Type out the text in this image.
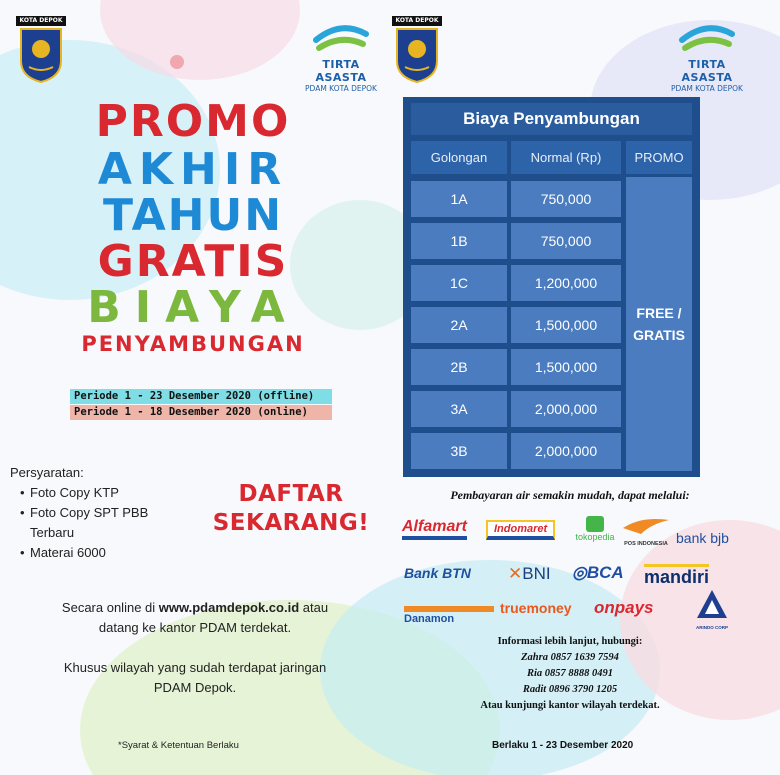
KOTA DEPOK	KOTA DEPOK
TIRTA ASASTA
PDAM KOTA DEPOK
TIRTA ASASTA
PDAM KOTA DEPOK
PROMO
AKHIR
TAHUN
GRATIS
BIAYA
PENYAMBUNGAN
Periode 1 - 23 Desember 2020 (offline)
Periode 1 - 18 Desember 2020 (online)
Persyaratan:
• Foto Copy KTP
• Foto Copy SPT PBB
Terbaru
• Materai 6000
DAFTAR
SEKARANG!
Secara online di www.pdamdepok.co.id atau
datang ke kantor PDAM terdekat.
Khusus wilayah yang sudah terdapat jaringan
PDAM Depok.
*Syarat & Ketentuan Berlaku
Biaya Penyambungan
Golongan	Normal (Rp)	PROMO
1A	750,000
1B	750,000
1C	1,200,000
2A	1,500,000
2B	1,500,000
3A	2,000,000
3B	2,000,000
FREE /
GRATIS
Pembayaran air semakin mudah, dapat melalui:
Alfamart	Indomaret
tokopedia
POS INDONESIA bank bjb
Bank BTN ✕BNI ◎BCA mandiri
Danamon
truemoney onpays
ARINDO CORP
Informasi lebih lanjut, hubungi:
Zahra 0857 1639 7594
Ria 0857 8888 0491
Radit 0896 3790 1205
Atau kunjungi kantor wilayah terdekat.
Berlaku 1 - 23 Desember 2020
